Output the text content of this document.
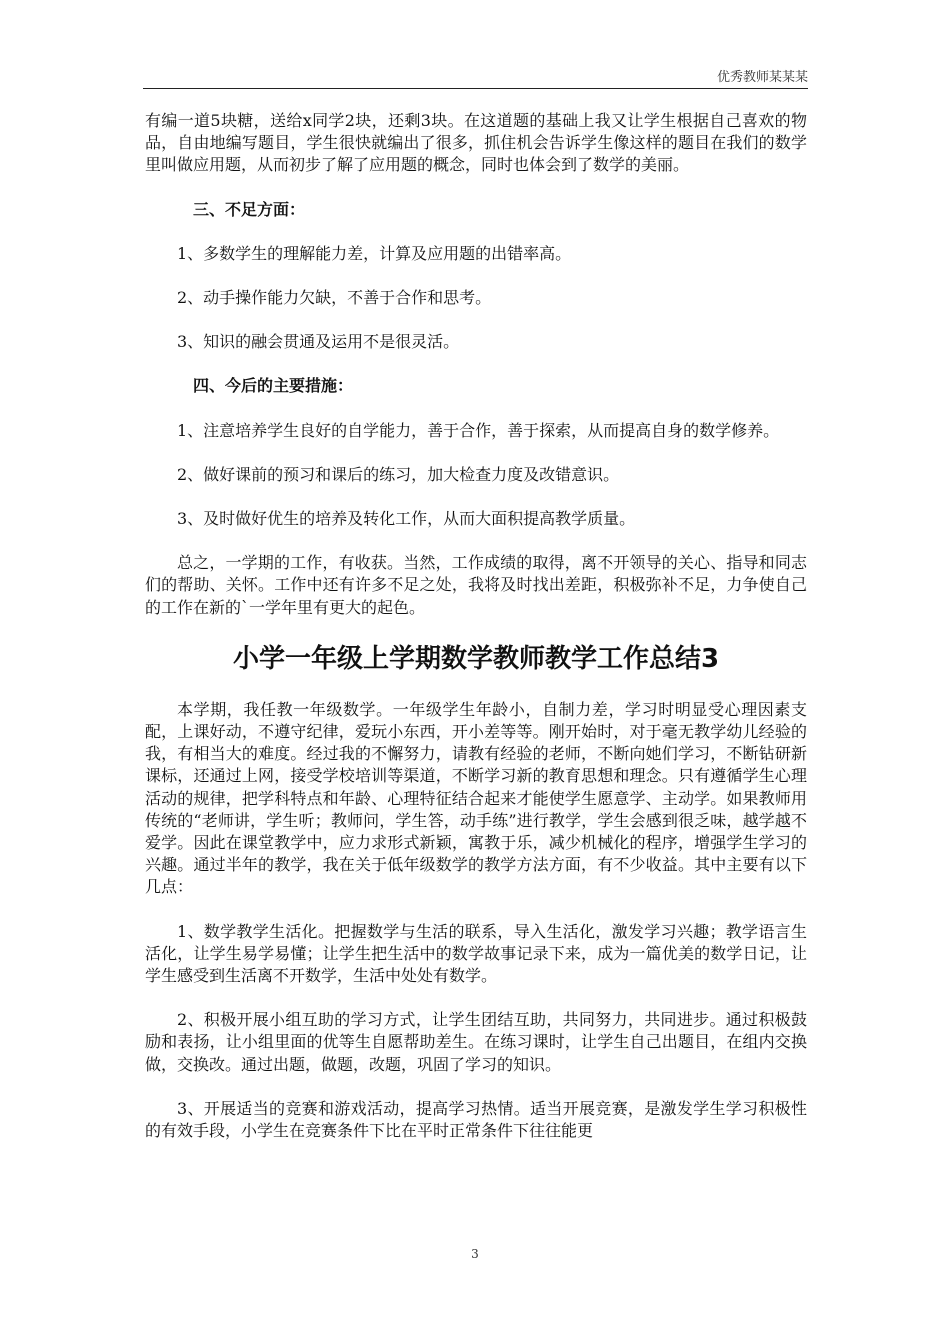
优秀教师某某某

有编一道5块糖，送给x同学2块，还剩3块。在这道题的基础上我又让学生根据自己喜欢的物品，自由地编写题目，学生很快就编出了很多，抓住机会告诉学生像这样的题目在我们的数学里叫做应用题，从而初步了解了应用题的概念，同时也体会到了数学的美丽。

三、不足方面：

1、多数学生的理解能力差，计算及应用题的出错率高。

2、动手操作能力欠缺，不善于合作和思考。

3、知识的融会贯通及运用不是很灵活。

四、今后的主要措施：

1、注意培养学生良好的自学能力，善于合作，善于探索，从而提高自身的数学修养。

2、做好课前的预习和课后的练习，加大检查力度及改错意识。

3、及时做好优生的培养及转化工作，从而大面积提高教学质量。

总之，一学期的工作，有收获。当然，工作成绩的取得，离不开领导的关心、指导和同志们的帮助、关怀。工作中还有许多不足之处，我将及时找出差距，积极弥补不足，力争使自己的工作在新的`一学年里有更大的起色。

小学一年级上学期数学教师教学工作总结3

本学期，我任教一年级数学。一年级学生年龄小，自制力差，学习时明显受心理因素支配，上课好动，不遵守纪律，爱玩小东西，开小差等等。刚开始时，对于毫无教学幼儿经验的我，有相当大的难度。经过我的不懈努力，请教有经验的老师，不断向她们学习，不断钻研新课标，还通过上网，接受学校培训等渠道，不断学习新的教育思想和理念。只有遵循学生心理活动的规律，把学科特点和年龄、心理特征结合起来才能使学生愿意学、主动学。如果教师用传统的“老师讲，学生听；教师问，学生答，动手练”进行教学，学生会感到很乏味，越学越不爱学。因此在课堂教学中，应力求形式新颖，寓教于乐，减少机械化的程序，增强学生学习的兴趣。通过半年的教学，我在关于低年级数学的教学方法方面，有不少收益。其中主要有以下几点：

1、数学教学生活化。把握数学与生活的联系，导入生活化，激发学习兴趣；教学语言生活化，让学生易学易懂；让学生把生活中的数学故事记录下来，成为一篇优美的数学日记，让学生感受到生活离不开数学，生活中处处有数学。

2、积极开展小组互助的学习方式，让学生团结互助，共同努力，共同进步。通过积极鼓励和表扬，让小组里面的优等生自愿帮助差生。在练习课时，让学生自己出题目，在组内交换做，交换改。通过出题，做题，改题，巩固了学习的知识。

3、开展适当的竞赛和游戏活动，提高学习热情。适当开展竞赛，是激发学生学习积极性的有效手段，小学生在竞赛条件下比在平时正常条件下往往能更

3
